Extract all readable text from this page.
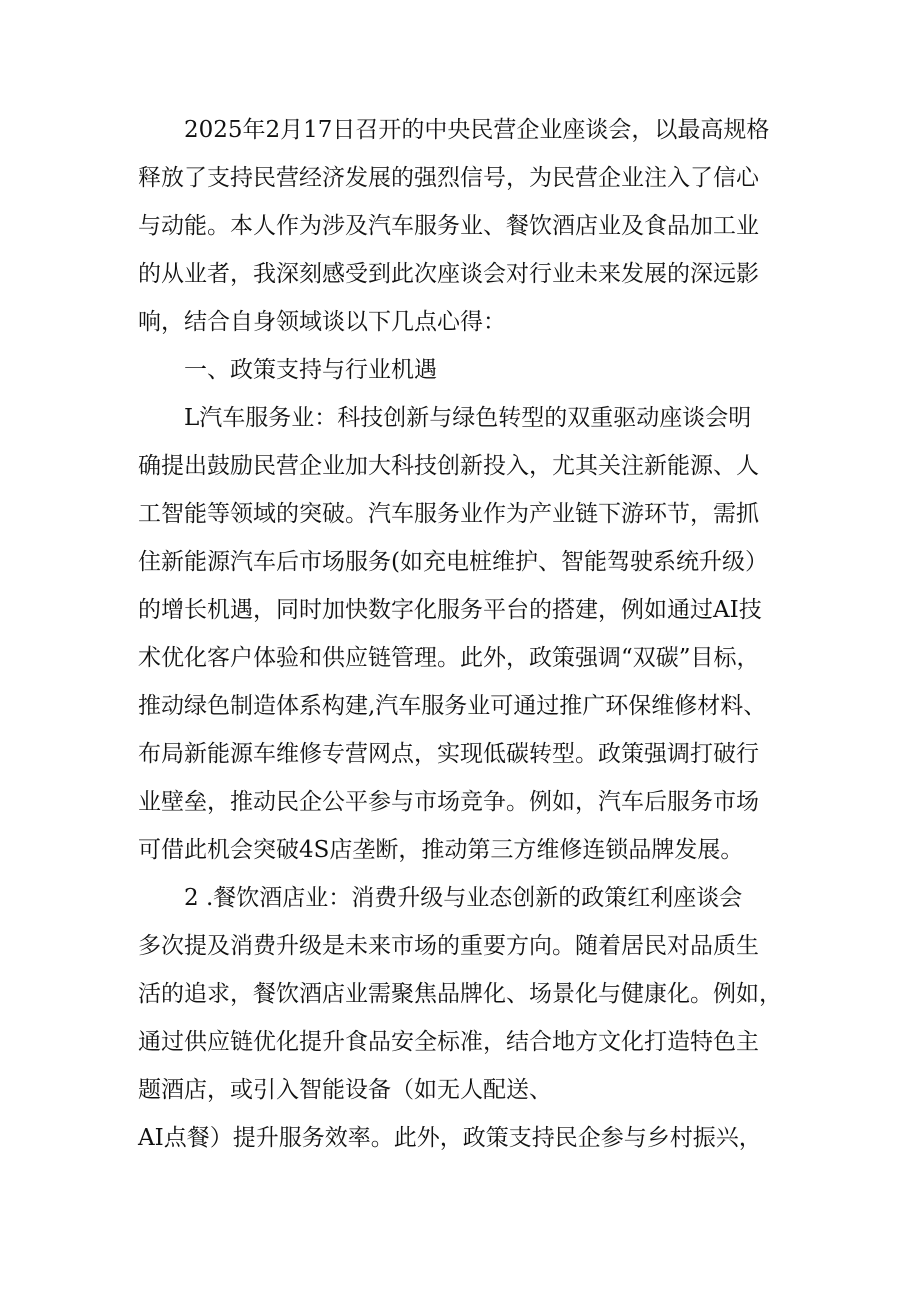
2025年2月17日召开的中央民营企业座谈会，以最高规格
释放了支持民营经济发展的强烈信号，为民营企业注入了信心
与动能。本人作为涉及汽车服务业、餐饮酒店业及食品加工业
的从业者，我深刻感受到此次座谈会对行业未来发展的深远影
响，结合自身领域谈以下几点心得：
一、政策支持与行业机遇
L汽车服务业：科技创新与绿色转型的双重驱动座谈会明
确提出鼓励民营企业加大科技创新投入，尤其关注新能源、人
工智能等领域的突破。汽车服务业作为产业链下游环节，需抓
住新能源汽车后市场服务(如充电桩维护、智能驾驶系统升级）
的增长机遇，同时加快数字化服务平台的搭建，例如通过AI技
术优化客户体验和供应链管理。此外，政策强调“双碳”目标，
推动绿色制造体系构建,汽车服务业可通过推广环保维修材料、
布局新能源车维修专营网点，实现低碳转型。政策强调打破行
业壁垒，推动民企公平参与市场竞争。例如，汽车后服务市场
可借此机会突破4S店垄断，推动第三方维修连锁品牌发展。
2 .餐饮酒店业：消费升级与业态创新的政策红利座谈会
多次提及消费升级是未来市场的重要方向。随着居民对品质生
活的追求，餐饮酒店业需聚焦品牌化、场景化与健康化。例如，
通过供应链优化提升食品安全标准，结合地方文化打造特色主
题酒店，或引入智能设备（如无人配送、
AI点餐）提升服务效率。此外，政策支持民企参与乡村振兴，
